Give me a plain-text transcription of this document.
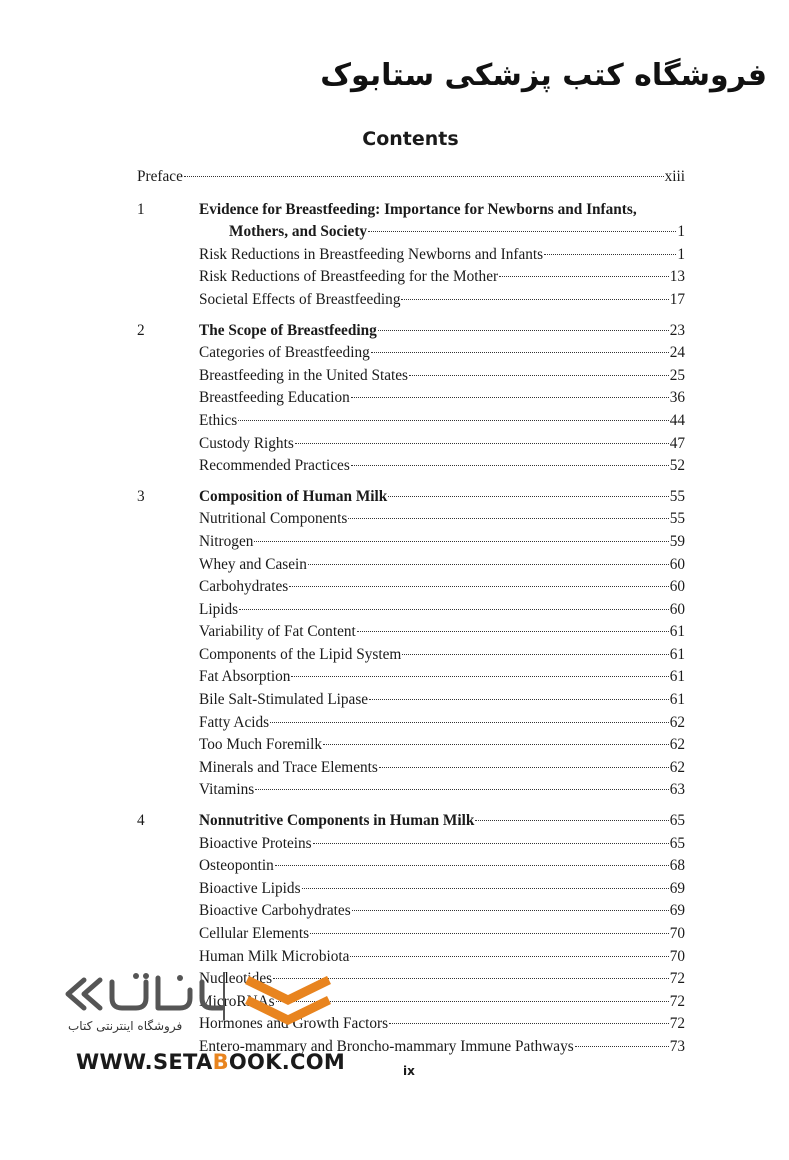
فروشگاه کتب پزشکی ستابوک
Contents
Preface	xiii
1	Evidence for Breastfeeding: Importance for Newborns and Infants,
Mothers, and Society	1
Risk Reductions in Breastfeeding Newborns and Infants	1
Risk Reductions of Breastfeeding for the Mother	13
Societal Effects of Breastfeeding	17
2	The Scope of Breastfeeding	23
Categories of Breastfeeding	24
Breastfeeding in the United States	25
Breastfeeding Education	36
Ethics	44
Custody Rights	47
Recommended Practices	52
3	Composition of Human Milk	55
Nutritional Components	55
Nitrogen	59
Whey and Casein	60
Carbohydrates	60
Lipids	60
Variability of Fat Content	61
Components of the Lipid System	61
Fat Absorption	61
Bile Salt-Stimulated Lipase	61
Fatty Acids	62
Too Much Foremilk	62
Minerals and Trace Elements	62
Vitamins	63
4	Nonnutritive Components in Human Milk	65
Bioactive Proteins	65
Osteopontin	68
Bioactive Lipids	69
Bioactive Carbohydrates	69
Cellular Elements	70
Human Milk Microbiota	70
Nucleotides	72
MicroRNAs	72
Hormones and Growth Factors	72
Entero-mammary and Broncho-mammary Immune Pathways	73
فروشگاه اینترنتی کتاب
WWW.SETABOOK.COM	ix
